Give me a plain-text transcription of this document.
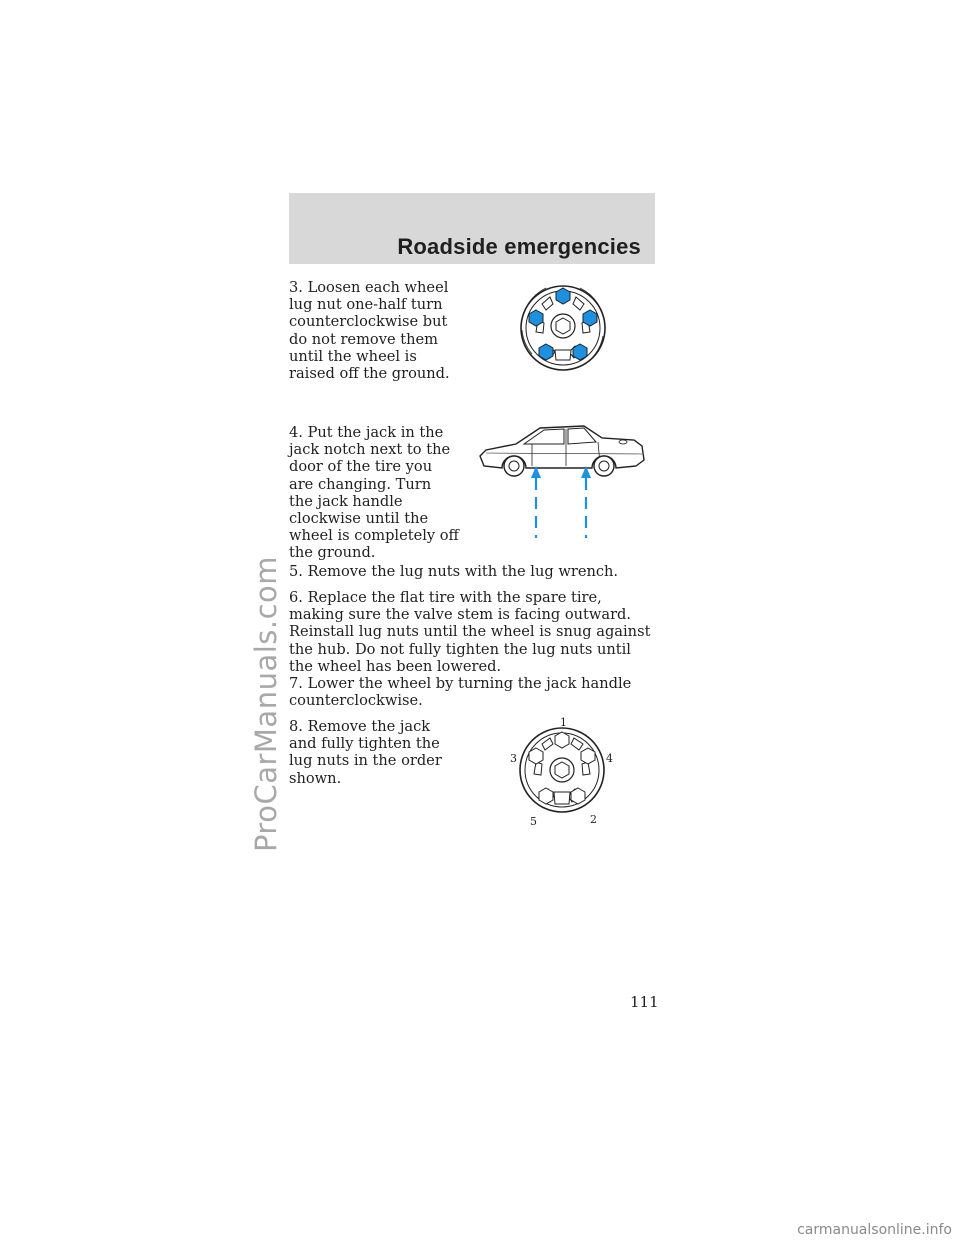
Roadside emergencies

3. Loosen each wheel lug nut one-half turn counterclockwise but do not remove them until the wheel is raised off the ground.

4. Put the jack in the jack notch next to the door of the tire you are changing. Turn the jack handle clockwise until the wheel is completely off the ground.

5. Remove the lug nuts with the lug wrench.

6. Replace the flat tire with the spare tire, making sure the valve stem is facing outward. Reinstall lug nuts until the wheel is snug against the hub. Do not fully tighten the lug nuts until the wheel has been lowered.

7. Lower the wheel by turning the jack handle counterclockwise.

8. Remove the jack and fully tighten the lug nuts in the order shown.

1
2
3	4
5

111

ProCarManuals.com

carmanualsonline.info
